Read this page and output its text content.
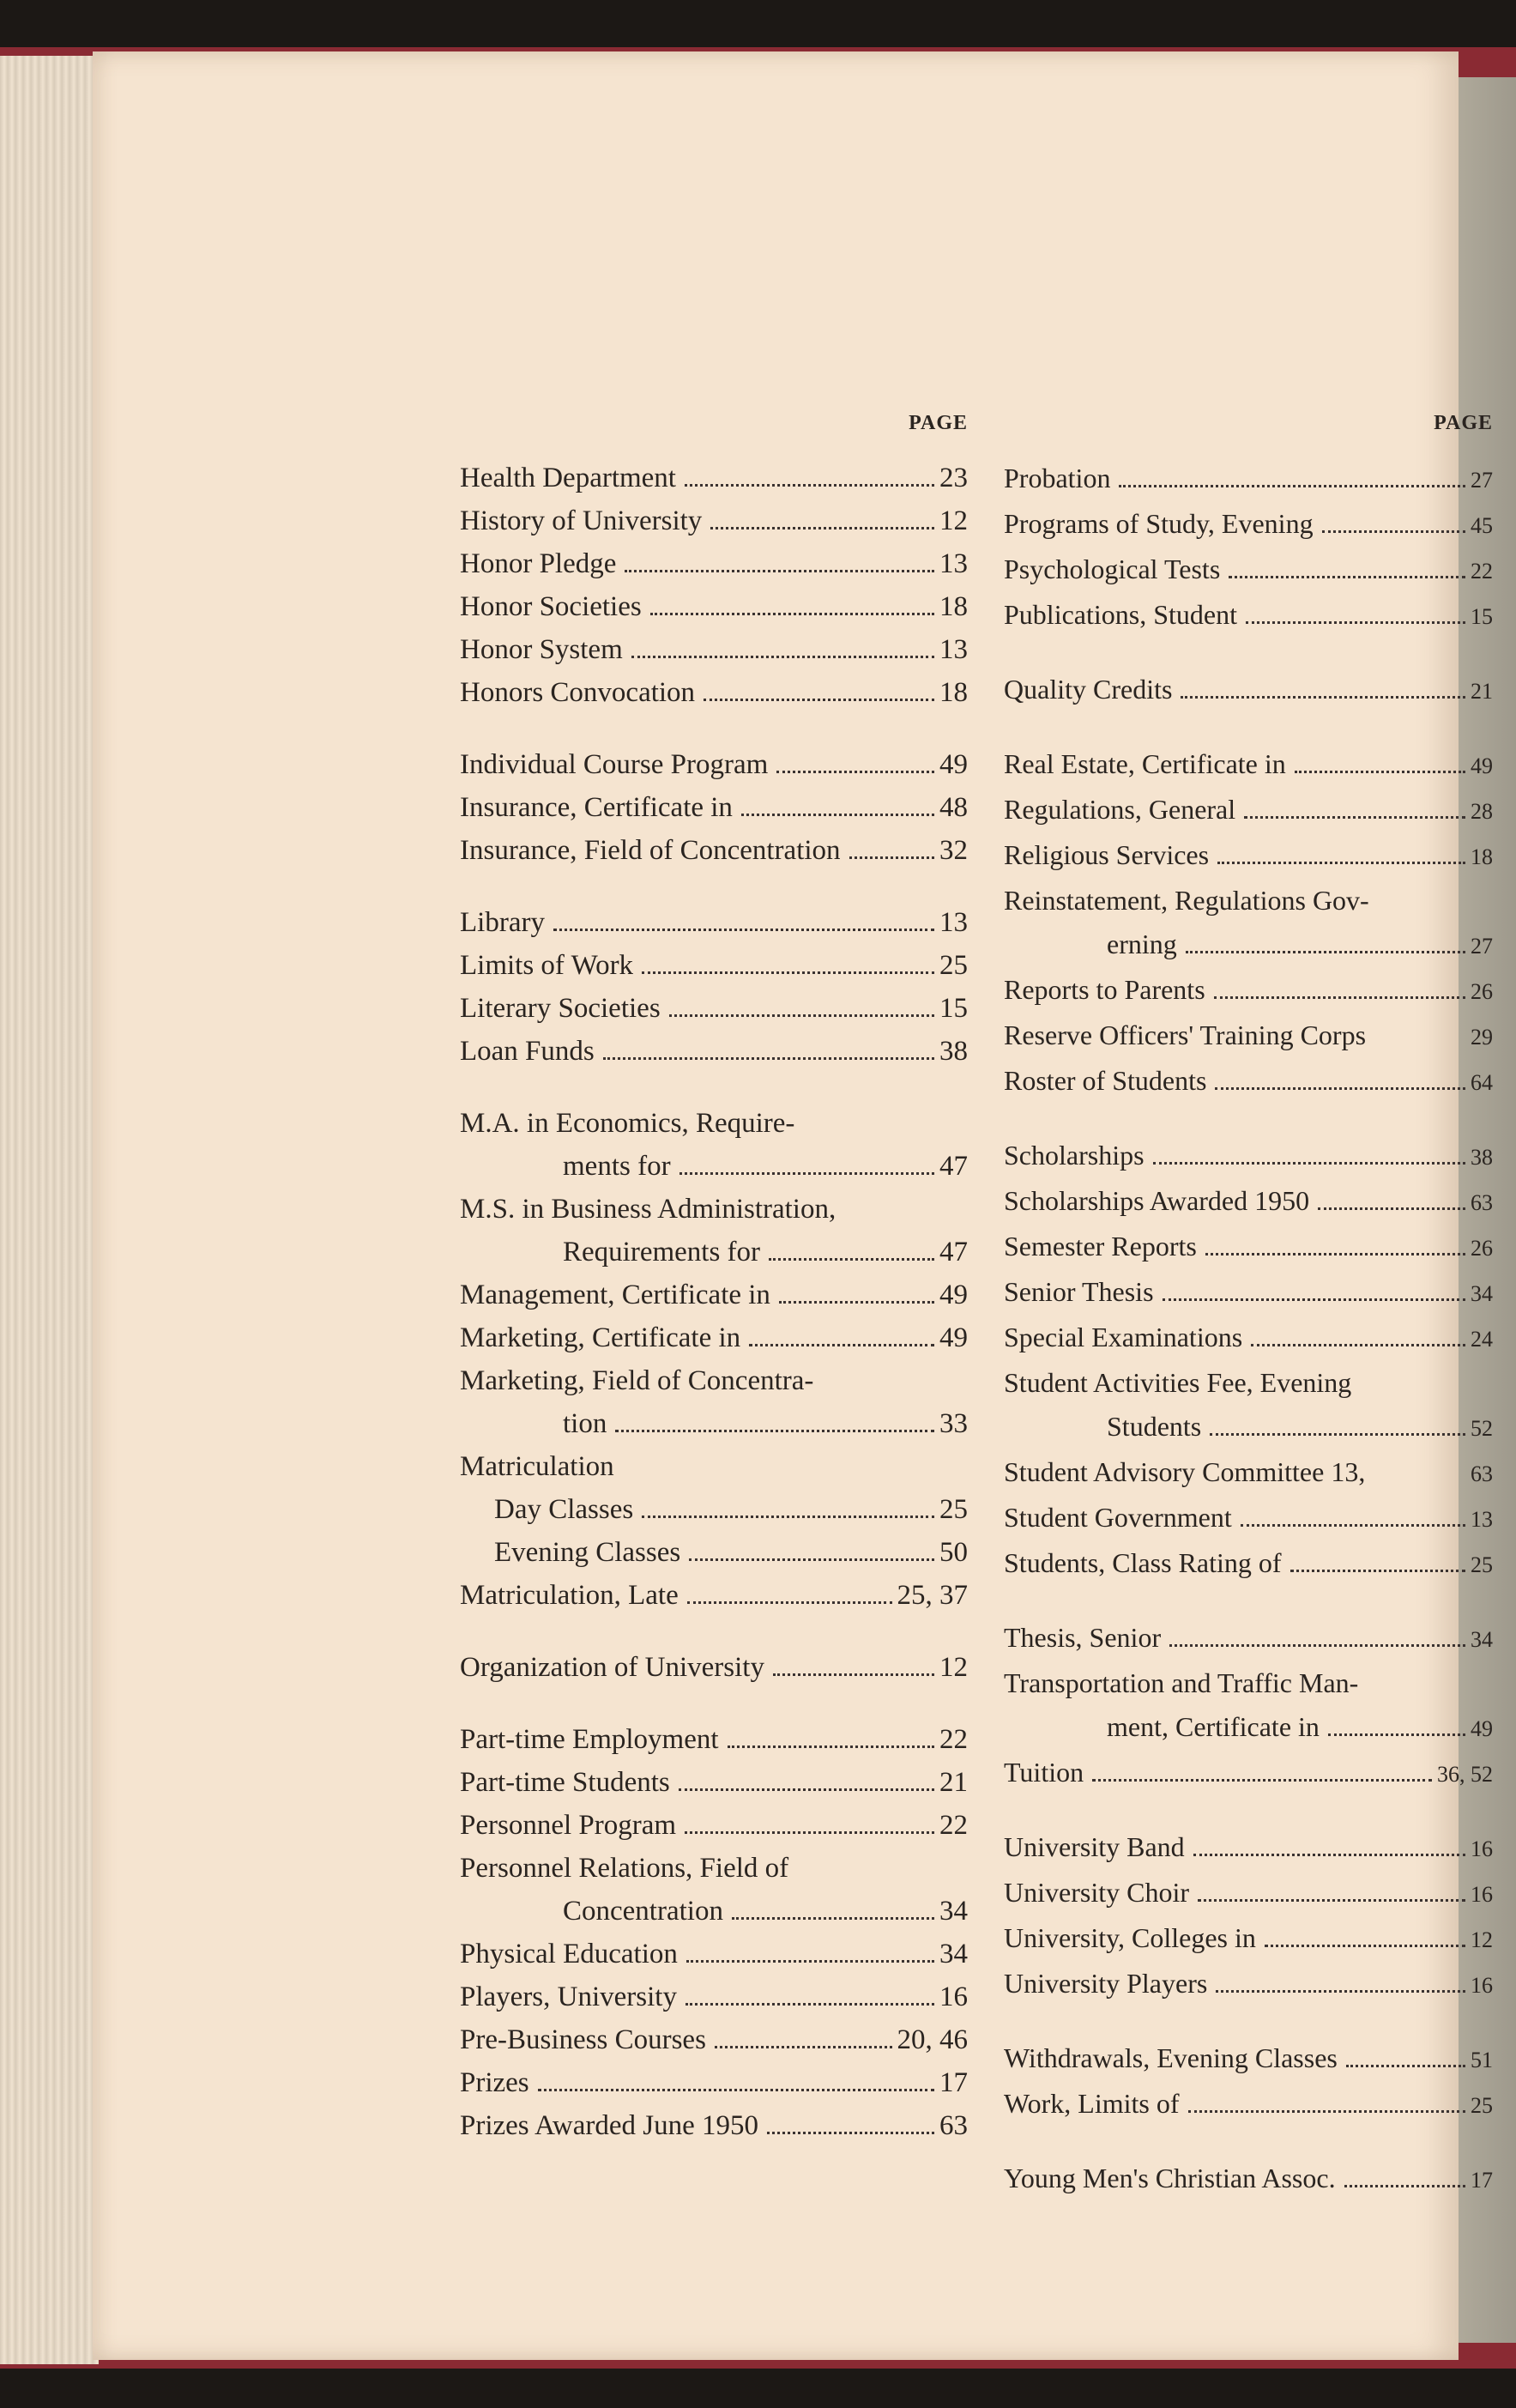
PAGE
Health Department	23
History of University	12
Honor Pledge	13
Honor Societies	18
Honor System	13
Honors Convocation	18
Individual Course Program	49
Insurance, Certificate in	48
Insurance, Field of Concentration	32
Library	13
Limits of Work	25
Literary Societies	15
Loan Funds	38
M.A. in Economics, Require-
ments for	47
M.S. in Business Administration,
Requirements for	47
Management, Certificate in	49
Marketing, Certificate in	49
Marketing, Field of Concentra-
tion	33
Matriculation
Day Classes	25
Evening Classes	50
Matriculation, Late	25, 37
Organization of University	12
Part-time Employment	22
Part-time Students	21
Personnel Program	22
Personnel Relations, Field of
Concentration	34
Physical Education	34
Players, University	16
Pre-Business Courses	20, 46
Prizes	17
Prizes Awarded June 1950	63
PAGE
Probation	27
Programs of Study, Evening	45
Psychological Tests	22
Publications, Student	15
Quality Credits	21
Real Estate, Certificate in	49
Regulations, General	28
Religious Services	18
Reinstatement, Regulations Gov-
erning	27
Reports to Parents	26
Reserve Officers' Training Corps	29
Roster of Students	64
Scholarships	38
Scholarships Awarded 1950	63
Semester Reports	26
Senior Thesis	34
Special Examinations	24
Student Activities Fee, Evening
Students	52
Student Advisory Committee 13,	63
Student Government	13
Students, Class Rating of	25
Thesis, Senior	34
Transportation and Traffic Man-
ment, Certificate in	49
Tuition	36, 52
University Band	16
University Choir	16
University, Colleges in	12
University Players	16
Withdrawals, Evening Classes	51
Work, Limits of	25
Young Men's Christian Assoc.	17
